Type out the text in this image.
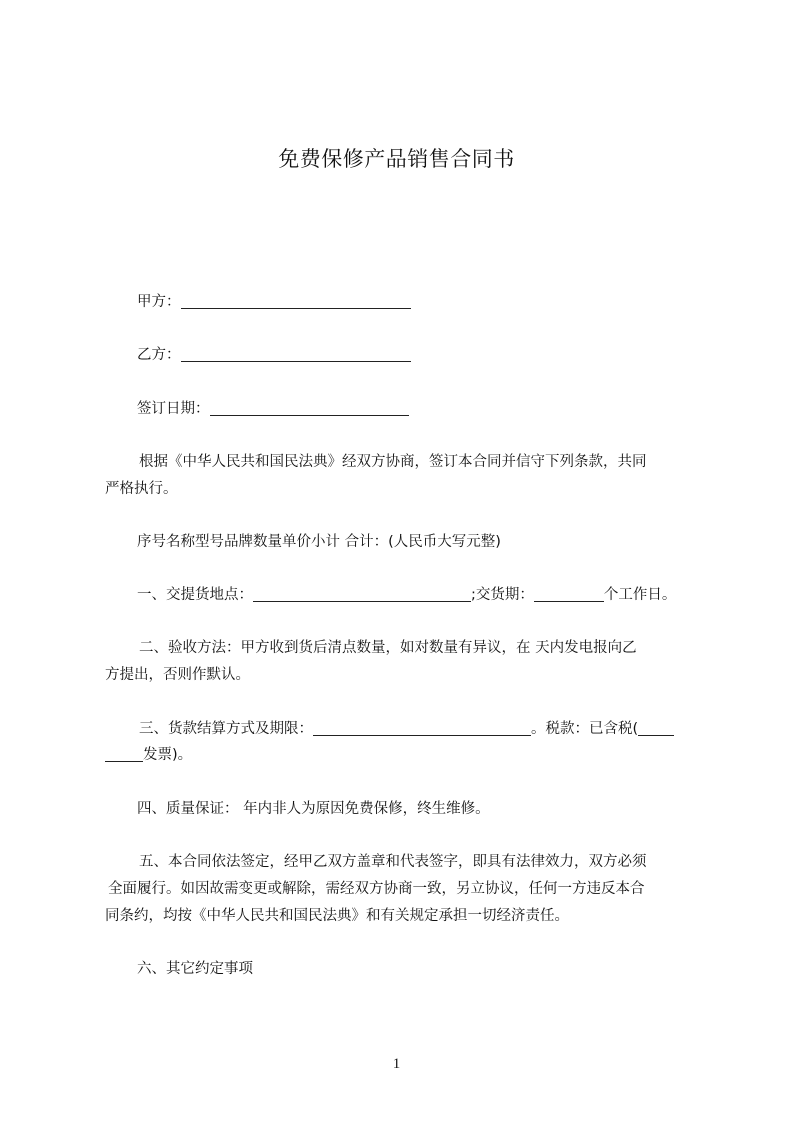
免费保修产品销售合同书
甲方：
乙方：
签订日期：
根据《中华人民共和国民法典》经双方协商，签订本合同并信守下列条款，共同
严格执行。
序号名称型号品牌数量单价小计 合计：(人民币大写元整)
一、交提货地点：	;交货期：	个工作日。
二、验收方法：甲方收到货后清点数量，如对数量有异议，在 天内发电报向乙
方提出，否则作默认。
三、货款结算方式及期限：	。税款：已含税(
发票)。
四、质量保证： 年内非人为原因免费保修，终生维修。
五、本合同依法签定，经甲乙双方盖章和代表签字，即具有法律效力，双方必须
全面履行。如因故需变更或解除，需经双方协商一致，另立协议，任何一方违反本合
同条约，均按《中华人民共和国民法典》和有关规定承担一切经济责任。
六、其它约定事项
1
